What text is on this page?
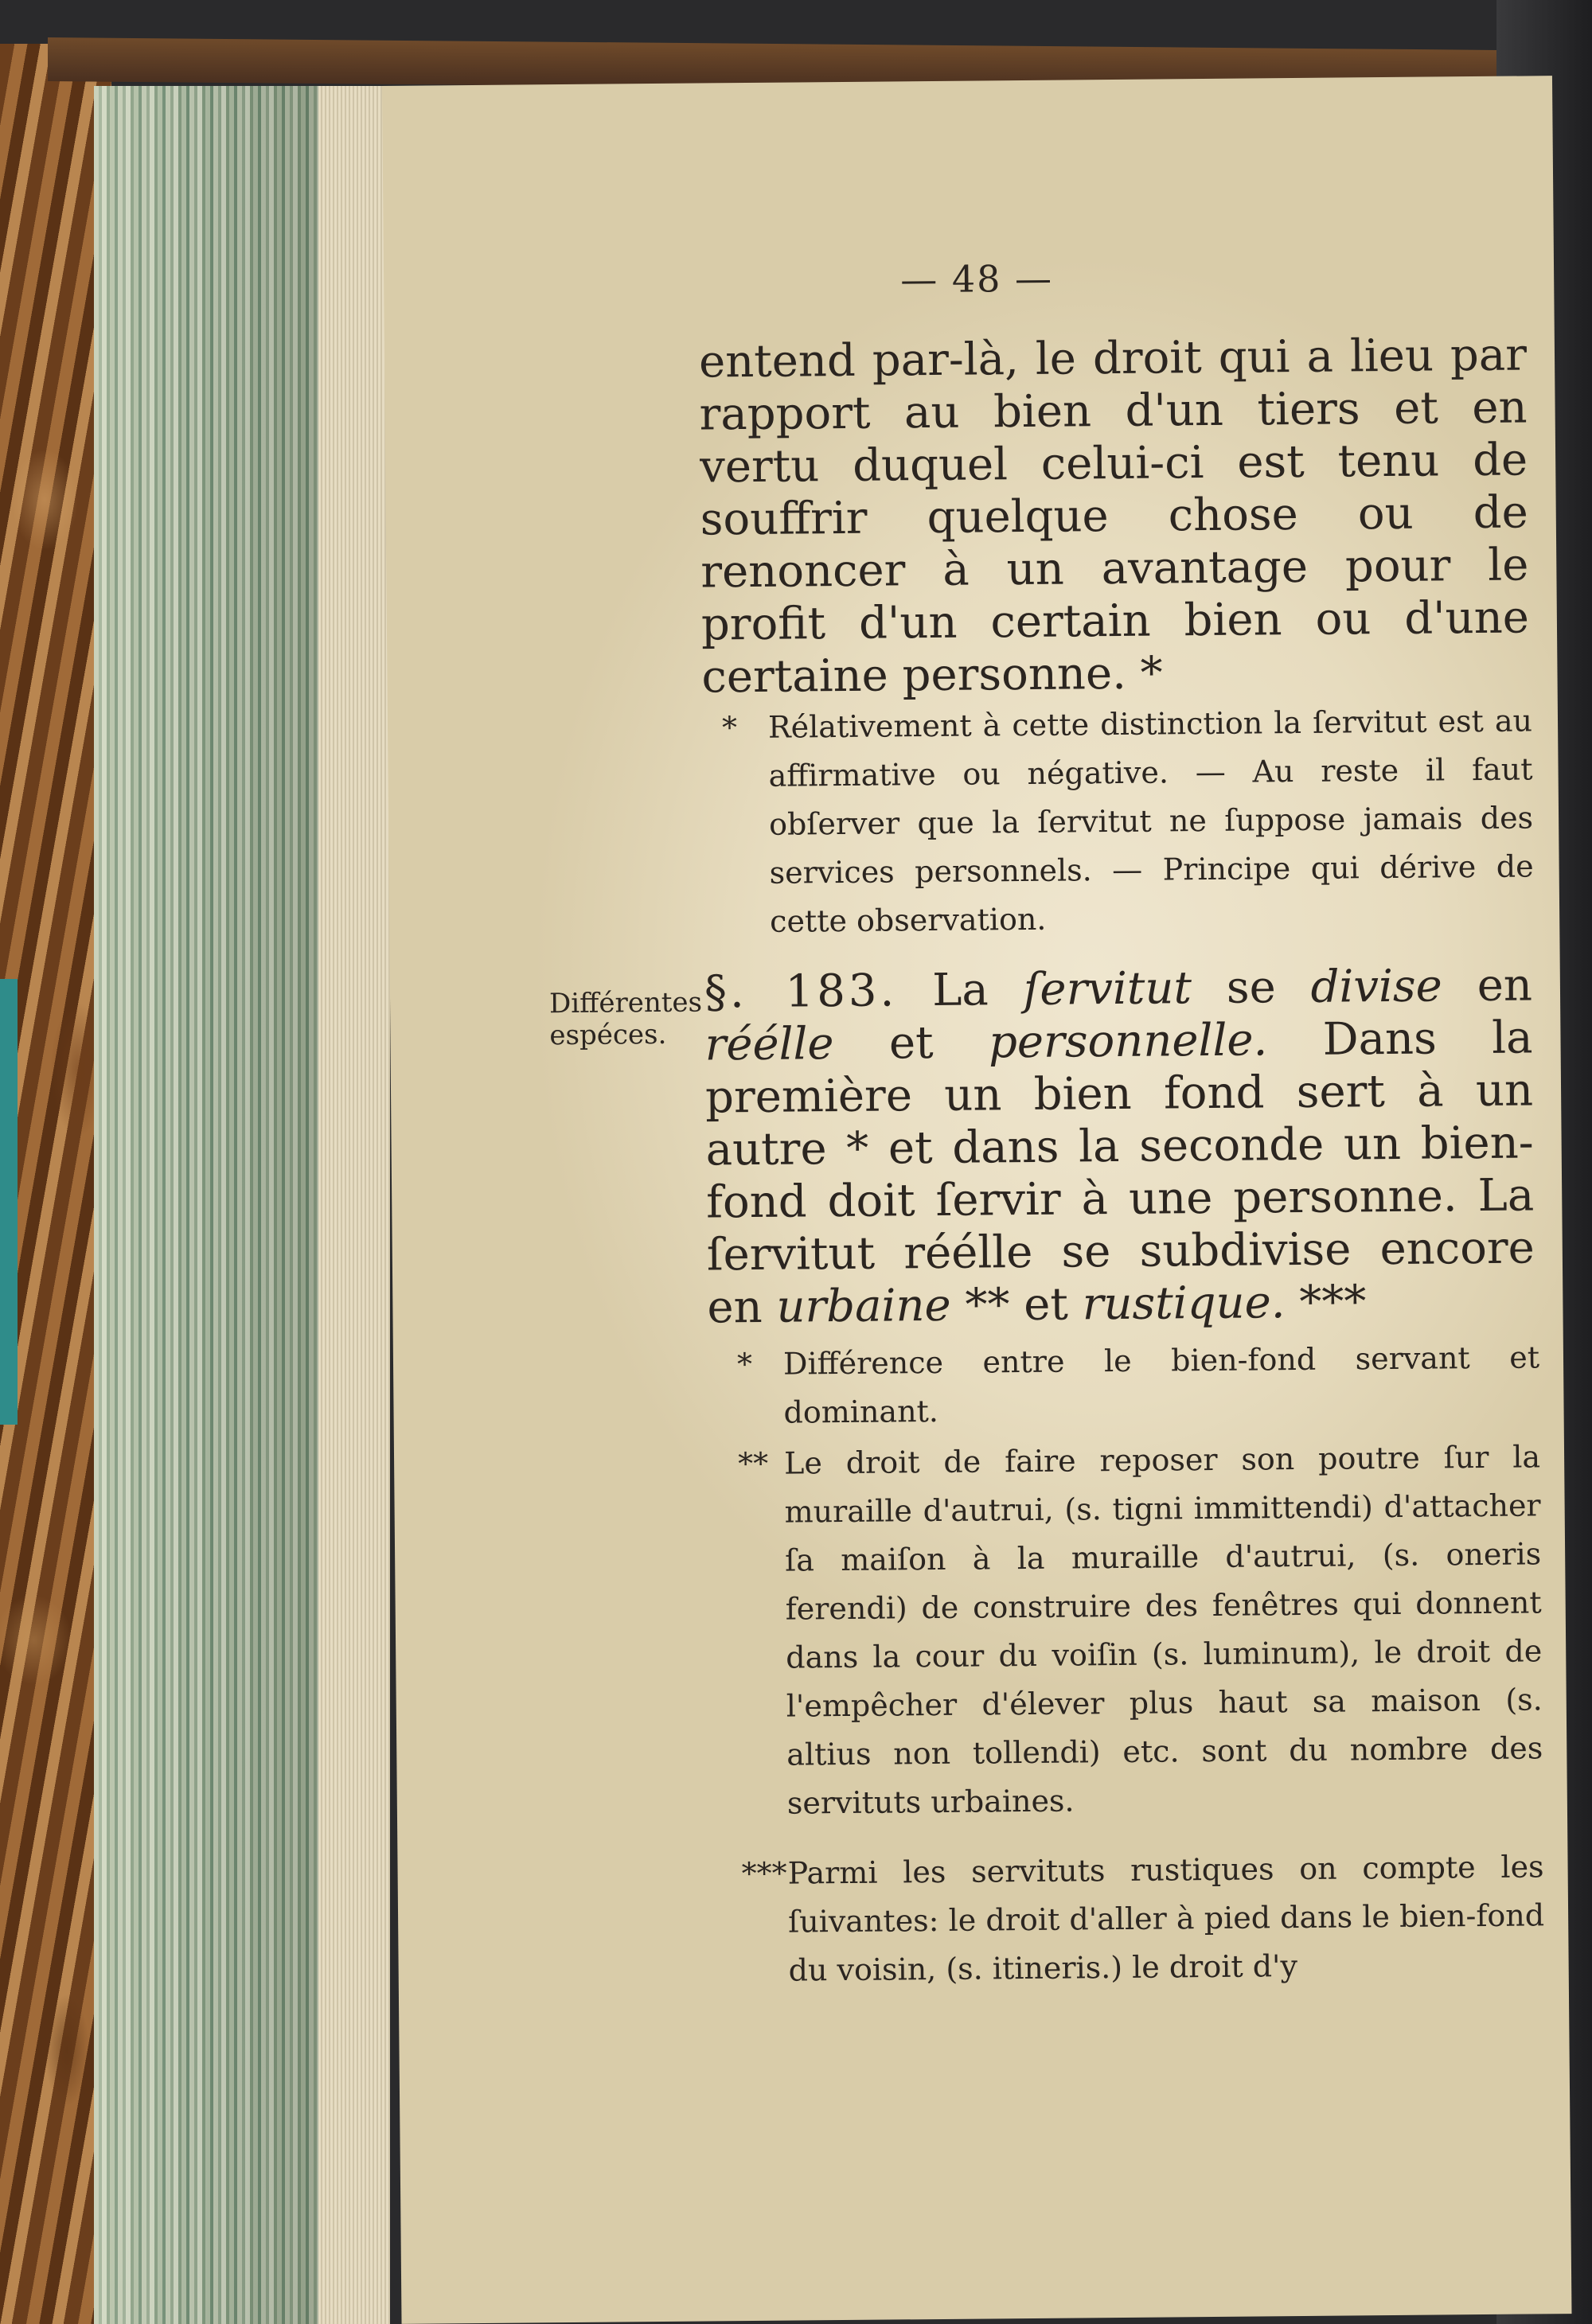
— 48 —

entend par-là, le droit qui a lieu par rapport au bien d'un tiers et en vertu duquel celui-ci est tenu de souffrir quelque chose ou de renoncer à un avantage pour le profit d'un certain bien ou d'une certaine personne. *

* Rélativement à cette distinction la ſervitut est au affirmative ou négative. — Au reste il faut obſerver que la ſervitut ne ſuppose jamais des services personnels. — Principe qui dérive de cette observation.

Différentes espéces.

§. 183. La ſervitut se divise en réélle et personnelle. Dans la première un bien fond sert à un autre * et dans la seconde un bien-fond doit ſervir à une personne. La ſervitut réélle se subdivise encore en urbaine ** et rustique. ***

* Différence entre le bien-fond servant et dominant.

** Le droit de faire reposer son poutre ſur la muraille d'autrui, (s. tigni immittendi) d'attacher ſa maiſon à la muraille d'autrui, (s. oneris ferendi) de construire des fenêtres qui donnent dans la cour du voiſin (s. luminum), le droit de l'empêcher d'élever plus haut sa maison (s. altius non tollendi) etc. sont du nombre des servituts urbaines.

***Parmi les servituts rustiques on compte les ſuivantes: le droit d'aller à pied dans le bien-fond du voisin, (s. itineris.) le droit d'y
